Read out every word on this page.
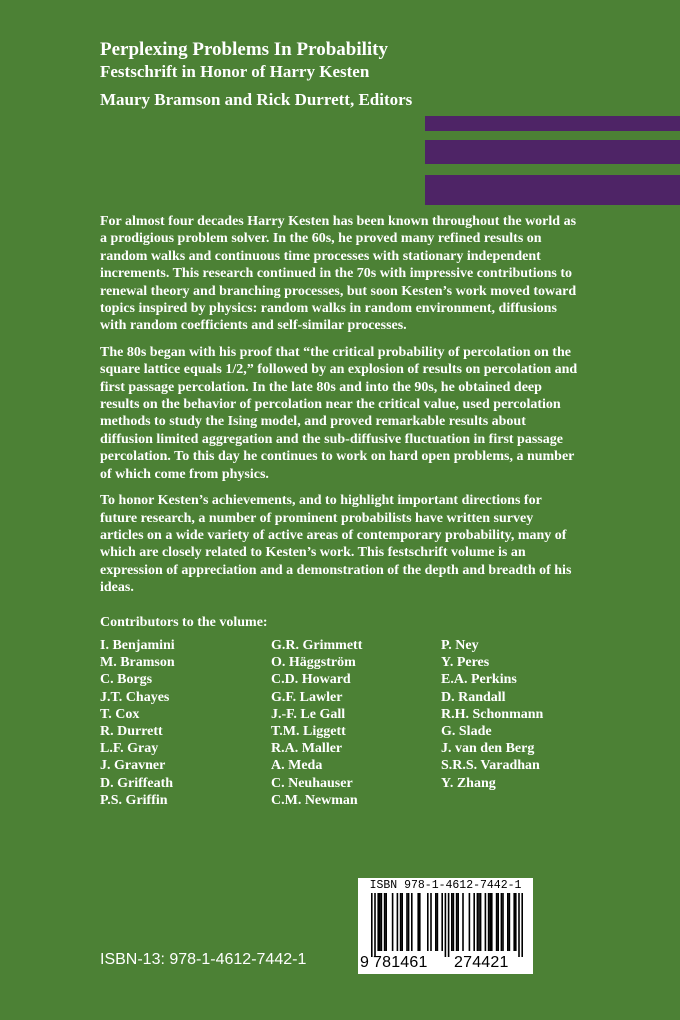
Perplexing Problems In Probability
Festschrift in Honor of Harry Kesten
Maury Bramson and Rick Durrett, Editors

For almost four decades Harry Kesten has been known throughout the world as a prodigious problem solver. In the 60s, he proved many refined results on random walks and continuous time processes with stationary independent increments. This research continued in the 70s with impressive contributions to renewal theory and branching processes, but soon Kesten’s work moved toward topics inspired by physics: random walks in random environment, diffusions with random coefficients and self-similar processes.

The 80s began with his proof that “the critical probability of percolation on the square lattice equals 1/2,” followed by an explosion of results on percolation and first passage percolation. In the late 80s and into the 90s, he obtained deep results on the behavior of percolation near the critical value, used percolation methods to study the Ising model, and proved remarkable results about diffusion limited aggregation and the sub-diffusive fluctuation in first passage percolation. To this day he continues to work on hard open problems, a number of which come from physics.

To honor Kesten’s achievements, and to highlight important directions for future research, a number of prominent probabilists have written survey articles on a wide variety of active areas of contemporary probability, many of which are closely related to Kesten’s work. This festschrift volume is an expression of appreciation and a demonstration of the depth and breadth of his ideas.

Contributors to the volume:
I. Benjamini
M. Bramson
C. Borgs
J.T. Chayes
T. Cox
R. Durrett
L.F. Gray
J. Gravner
D. Griffeath
P.S. Griffin
G.R. Grimmett
O. Häggström
C.D. Howard
G.F. Lawler
J.-F. Le Gall
T.M. Liggett
R.A. Maller
A. Meda
C. Neuhauser
C.M. Newman
P. Ney
Y. Peres
E.A. Perkins
D. Randall
R.H. Schonmann
G. Slade
J. van den Berg
S.R.S. Varadhan
Y. Zhang
ISBN-13: 978-1-4612-7442-1
ISBN 978-1-4612-7442-1
9 781461 274421
